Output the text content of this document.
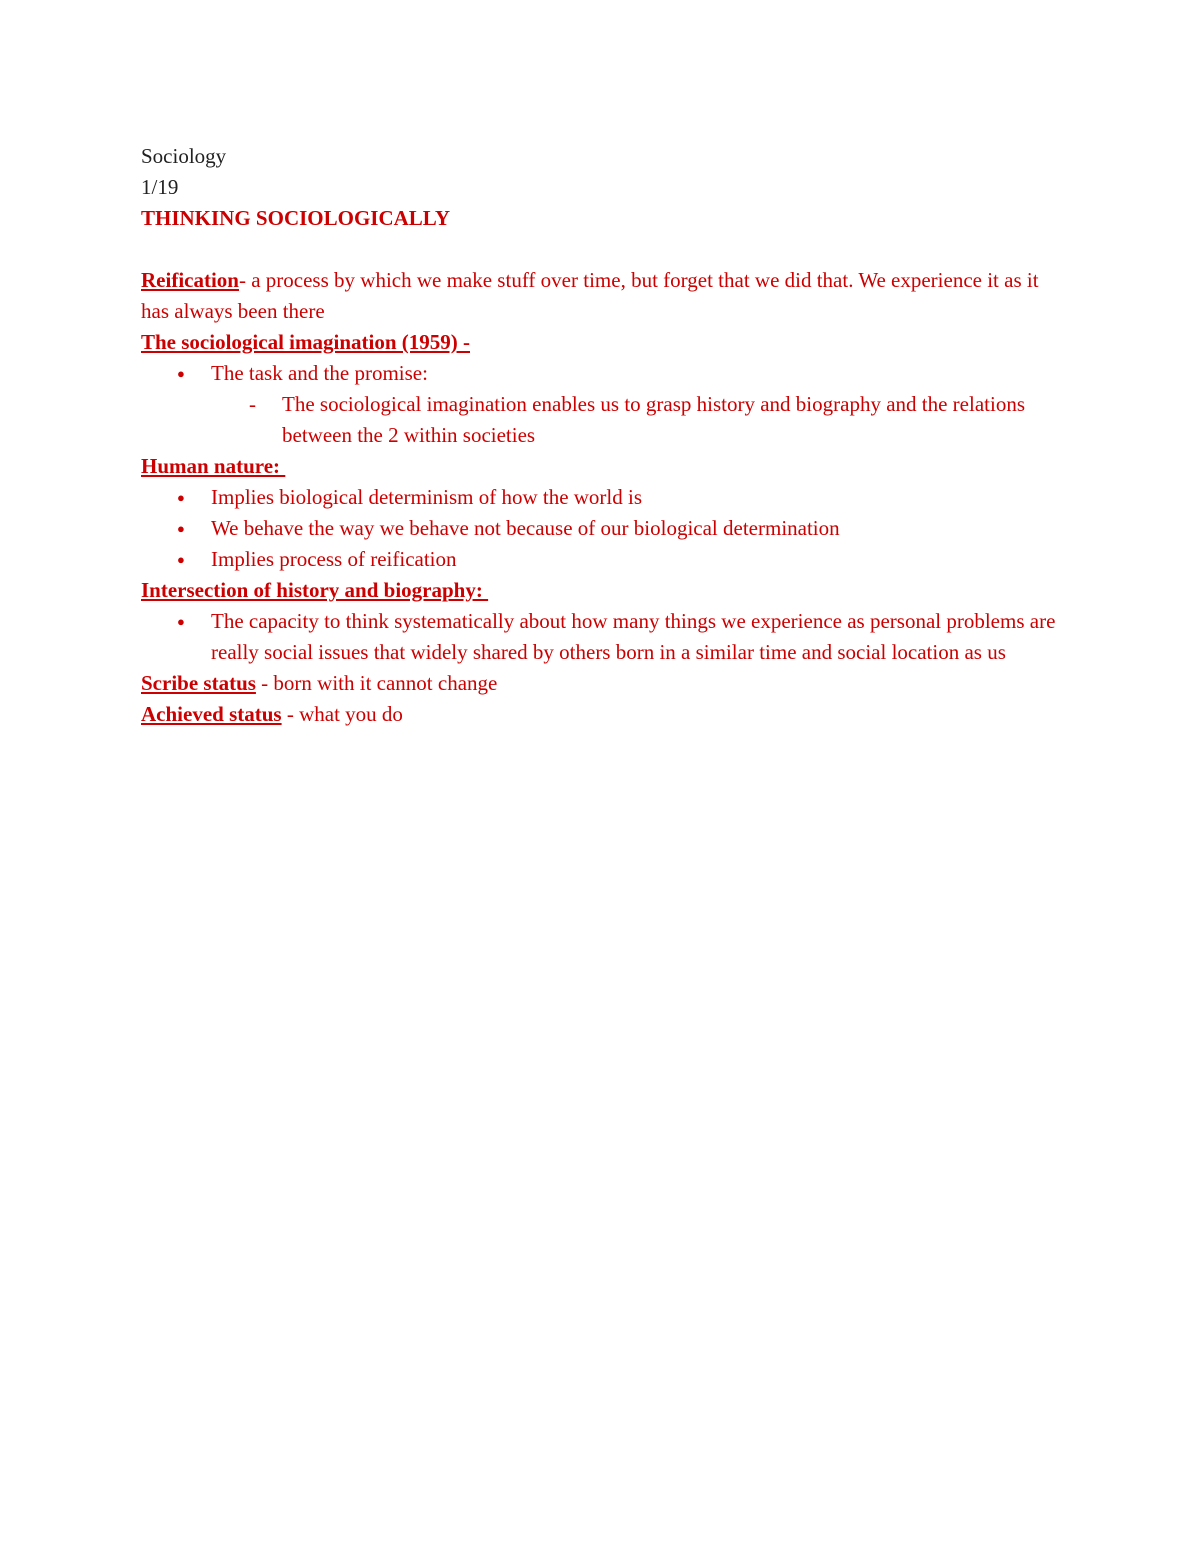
Sociology

1/19

THINKING SOCIOLOGICALLY

Reification- a process by which we make stuff over time, but forget that we did that. We experience it as it has always been there

The sociological imagination (1959) -

● The task and the promise:
- The sociological imagination enables us to grasp history and biography and the relations between the 2 within societies

Human nature:

● Implies biological determinism of how the world is
● We behave the way we behave not because of our biological determination
● Implies process of reification

Intersection of history and biography:

● The capacity to think systematically about how many things we experience as personal problems are really social issues that widely shared by others born in a similar time and social location as us

Scribe status - born with it cannot change

Achieved status - what you do
